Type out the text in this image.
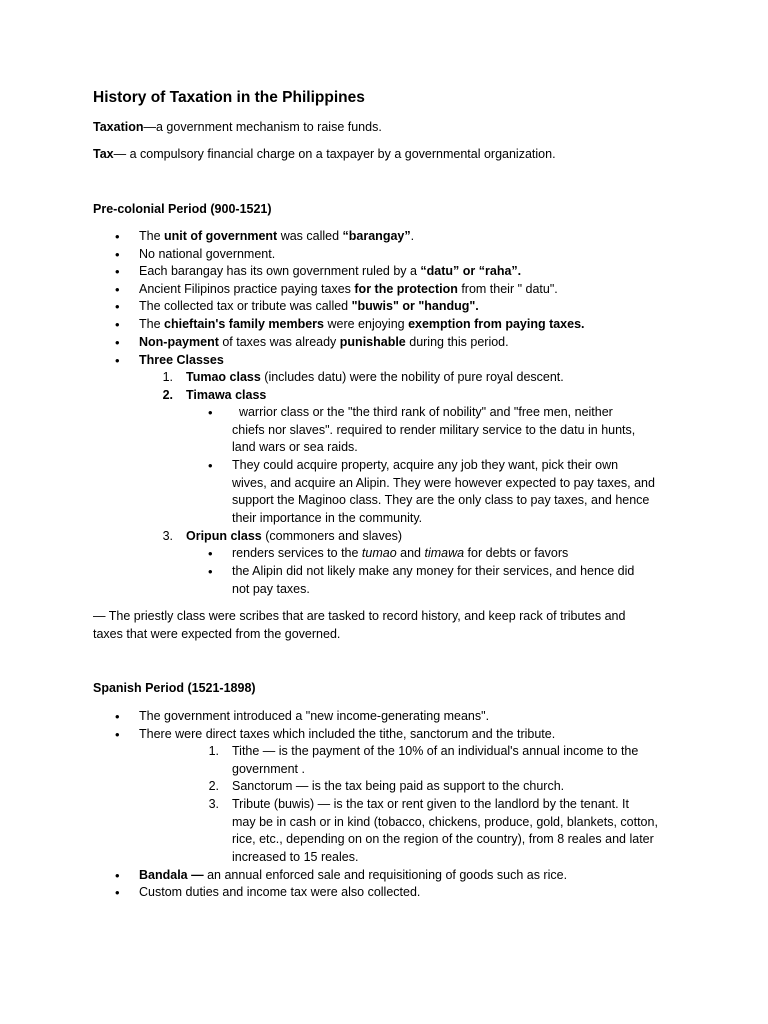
History of Taxation in the Philippines
Taxation—a government mechanism to raise funds.
Tax— a compulsory financial charge on a taxpayer by a governmental organization.
Pre-colonial Period (900-1521)
• The unit of government was called “barangay”.
• No national government.
• Each barangay has its own government ruled by a “datu” or “raha”.
• Ancient Filipinos practice paying taxes for the protection from their " datu".
• The collected tax or tribute was called "buwis" or "handug".
• The chieftain's family members were enjoying exemption from paying taxes.
• Non-payment of taxes was already punishable during this period.
• Three Classes
1. Tumao class (includes datu) were the nobility of pure royal descent.
2. Timawa class
• warrior class or the "the third rank of nobility" and "free men, neither
chiefs nor slaves". required to render military service to the datu in hunts,
land wars or sea raids.
• They could acquire property, acquire any job they want, pick their own
wives, and acquire an Alipin. They were however expected to pay taxes, and
support the Maginoo class. They are the only class to pay taxes, and hence
their importance in the community.
3. Oripun class (commoners and slaves)
• renders services to the tumao and timawa for debts or favors
• the Alipin did not likely make any money for their services, and hence did
not pay taxes.
— The priestly class were scribes that are tasked to record history, and keep rack of tributes and
taxes that were expected from the governed.
Spanish Period (1521-1898)
• The government introduced a "new income-generating means".
• There were direct taxes which included the tithe, sanctorum and the tribute.
1. Tithe — is the payment of the 10% of an individual's annual income to the
government .
2. Sanctorum — is the tax being paid as support to the church.
3. Tribute (buwis) — is the tax or rent given to the landlord by the tenant. It
may be in cash or in kind (tobacco, chickens, produce, gold, blankets, cotton,
rice, etc., depending on on the region of the country), from 8 reales and later
increased to 15 reales.
• Bandala — an annual enforced sale and requisitioning of goods such as rice.
• Custom duties and income tax were also collected.
